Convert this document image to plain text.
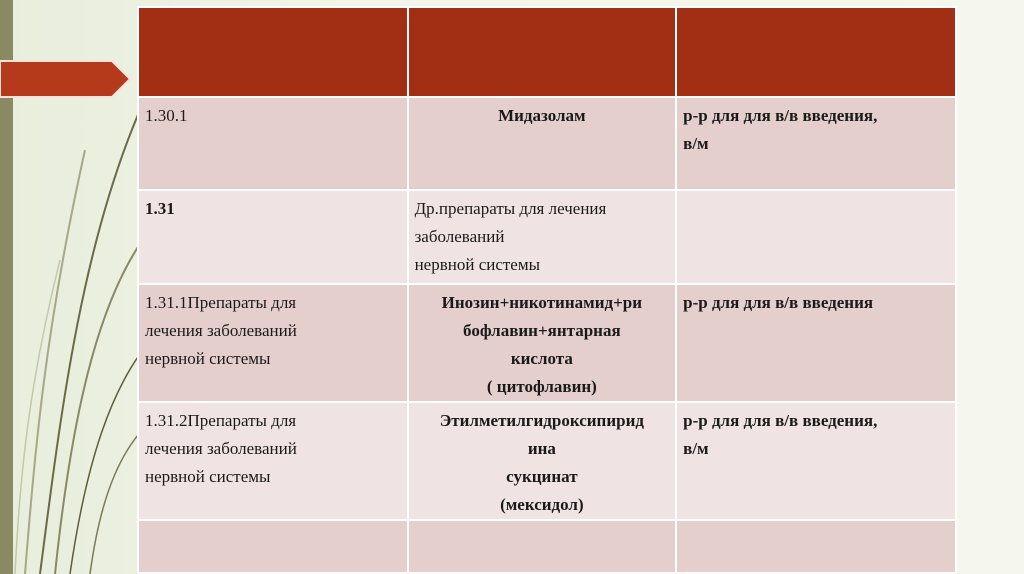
1.30.1	Мидазолам	р-р для для в/в введения,
в/м
1.31	Др.препараты для лечения
заболеваний
нервной системы	
1.31.1Препараты для
лечения заболеваний
нервной системы	Инозин+никотинамид+ри
бофлавин+янтарная
кислота
( цитофлавин)	р-р для для в/в введения
1.31.2Препараты для
лечения заболеваний
нервной системы	Этилметилгидроксипирид
ина
сукцинат
(мексидол)	р-р для для в/в введения,
в/м
